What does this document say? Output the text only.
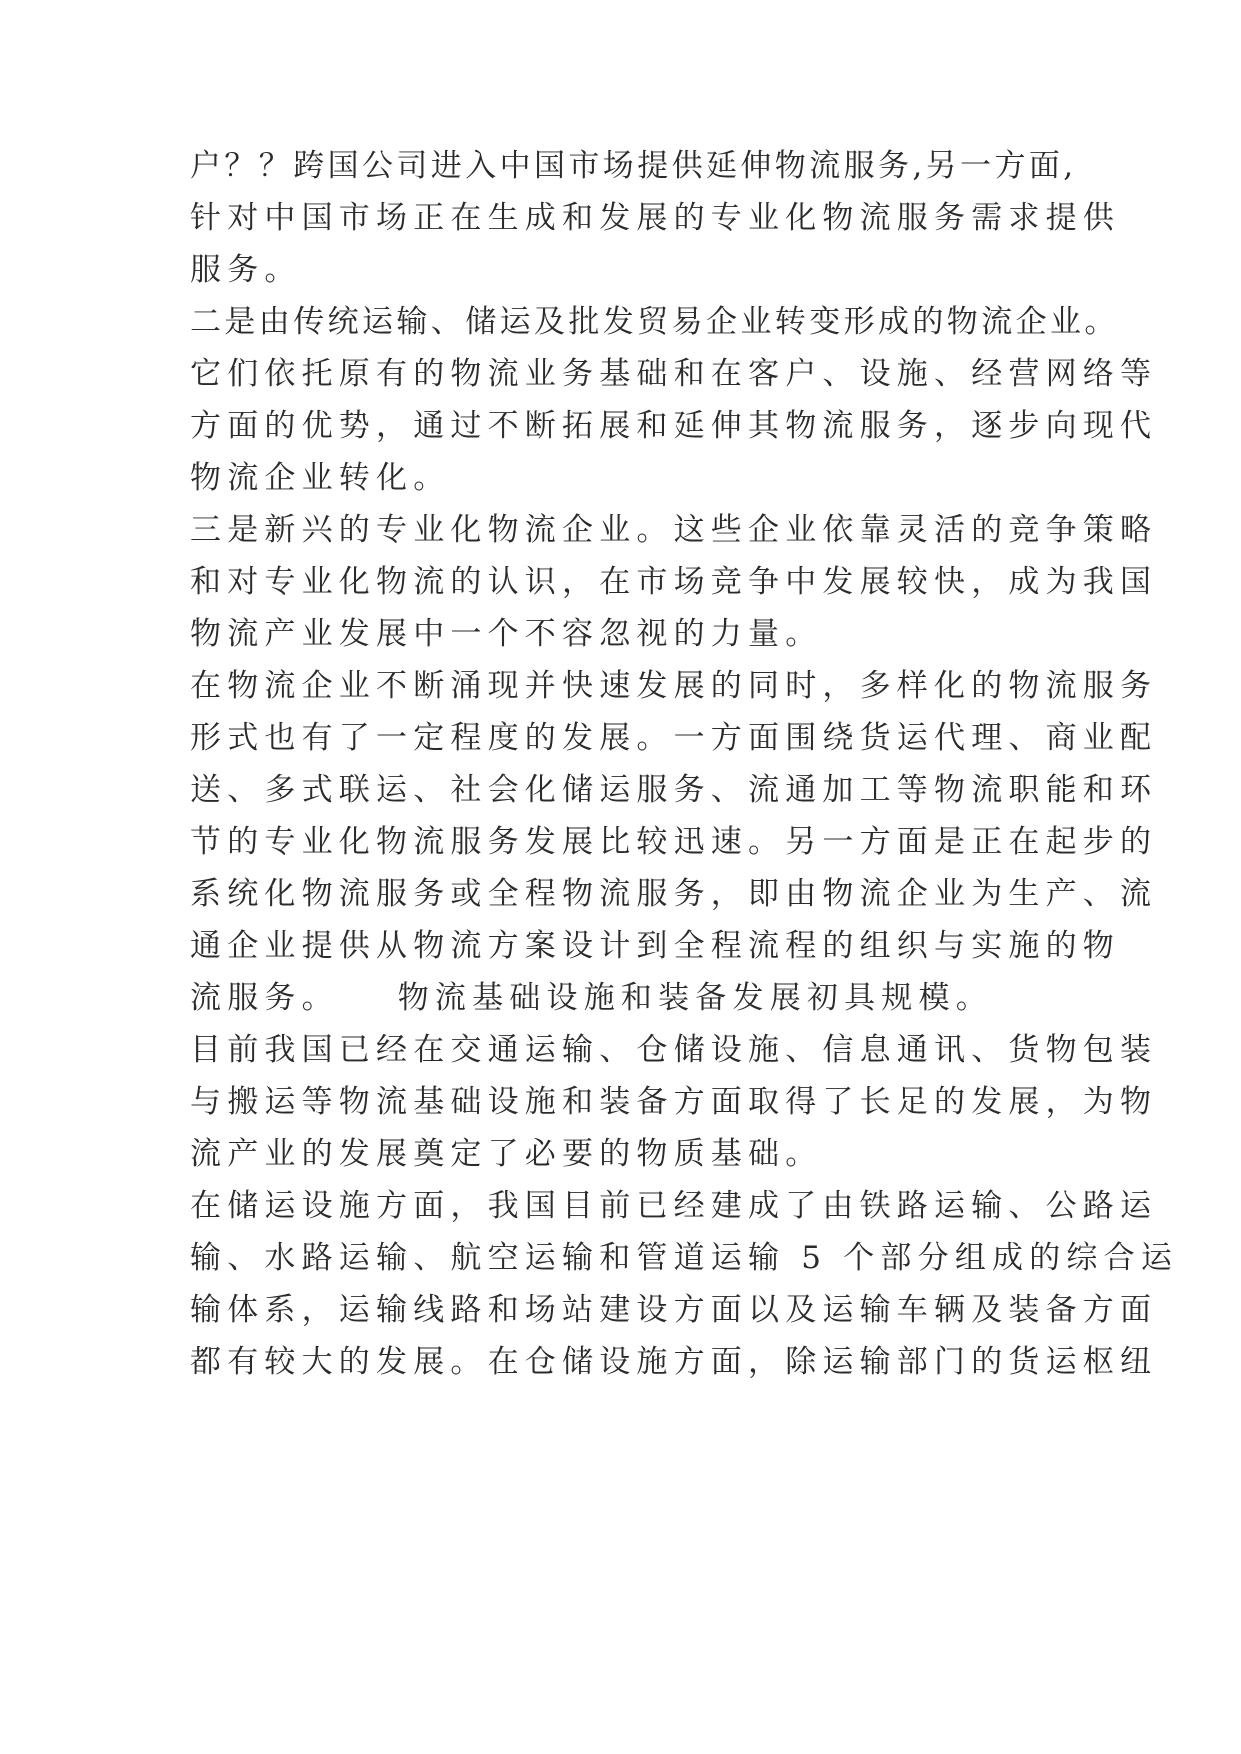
户？？跨国公司进入中国市场提供延伸物流服务,另一方面,
针对中国市场正在生成和发展的专业化物流服务需求提供
服务。
二是由传统运输、储运及批发贸易企业转变形成的物流企业。
它们依托原有的物流业务基础和在客户、设施、经营网络等
方面的优势，通过不断拓展和延伸其物流服务，逐步向现代
物流企业转化。
三是新兴的专业化物流企业。这些企业依靠灵活的竞争策略
和对专业化物流的认识，在市场竞争中发展较快，成为我国
物流产业发展中一个不容忽视的力量。
在物流企业不断涌现并快速发展的同时，多样化的物流服务
形式也有了一定程度的发展。一方面围绕货运代理、商业配
送、多式联运、社会化储运服务、流通加工等物流职能和环
节的专业化物流服务发展比较迅速。另一方面是正在起步的
系统化物流服务或全程物流服务，即由物流企业为生产、流
通企业提供从物流方案设计到全程流程的组织与实施的物
流服务。　　物流基础设施和装备发展初具规模。
目前我国已经在交通运输、仓储设施、信息通讯、货物包装
与搬运等物流基础设施和装备方面取得了长足的发展，为物
流产业的发展奠定了必要的物质基础。
在储运设施方面，我国目前已经建成了由铁路运输、公路运
输、水路运输、航空运输和管道运输 5 个部分组成的综合运
输体系，运输线路和场站建设方面以及运输车辆及装备方面
都有较大的发展。在仓储设施方面，除运输部门的货运枢纽
